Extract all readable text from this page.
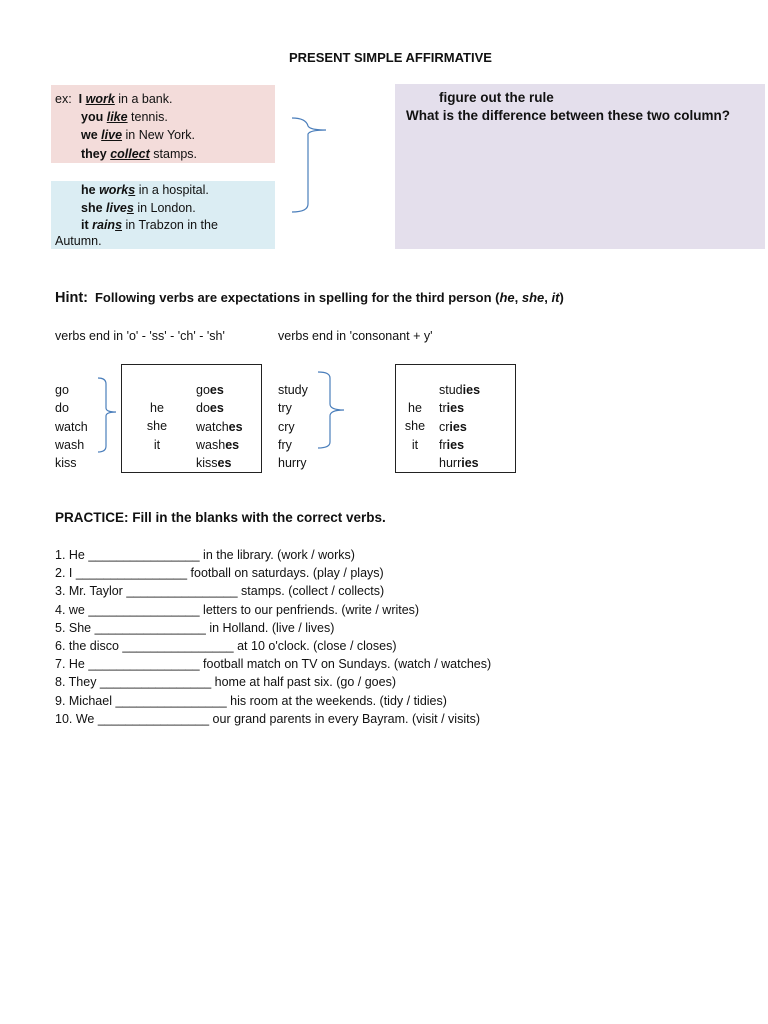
PRESENT SIMPLE AFFIRMATIVE
ex: I work in a bank.
you like tennis.
we live in New York.
they collect stamps.
he works in a hospital.
she lives in London.
it rains in Trabzon in the
Autumn.
figure out the rule
What is the difference between these two column?
Hint: Following verbs are expectations in spelling for the third person (he, she, it)
verbs end in 'o' - 'ss' - 'ch' - 'sh'	verbs end in 'consonant + y'
go
do
watch
wash
kiss
he
she
it
goes
does
watches
washes
kisses
study
try
cry
fry
hurry
he
she
it
studies
tries
cries
fries
hurries
PRACTICE: Fill in the blanks with the correct verbs.
1. He ________________ in the library. (work / works)
2. I ________________ football on saturdays. (play / plays)
3. Mr. Taylor ________________ stamps. (collect / collects)
4. we ________________ letters to our penfriends. (write / writes)
5. She ________________ in Holland. (live / lives)
6. the disco ________________ at 10 o'clock. (close / closes)
7. He ________________ football match on TV on Sundays. (watch / watches)
8. They ________________ home at half past six. (go / goes)
9. Michael ________________ his room at the weekends. (tidy / tidies)
10. We ________________ our grand parents in every Bayram. (visit / visits)
